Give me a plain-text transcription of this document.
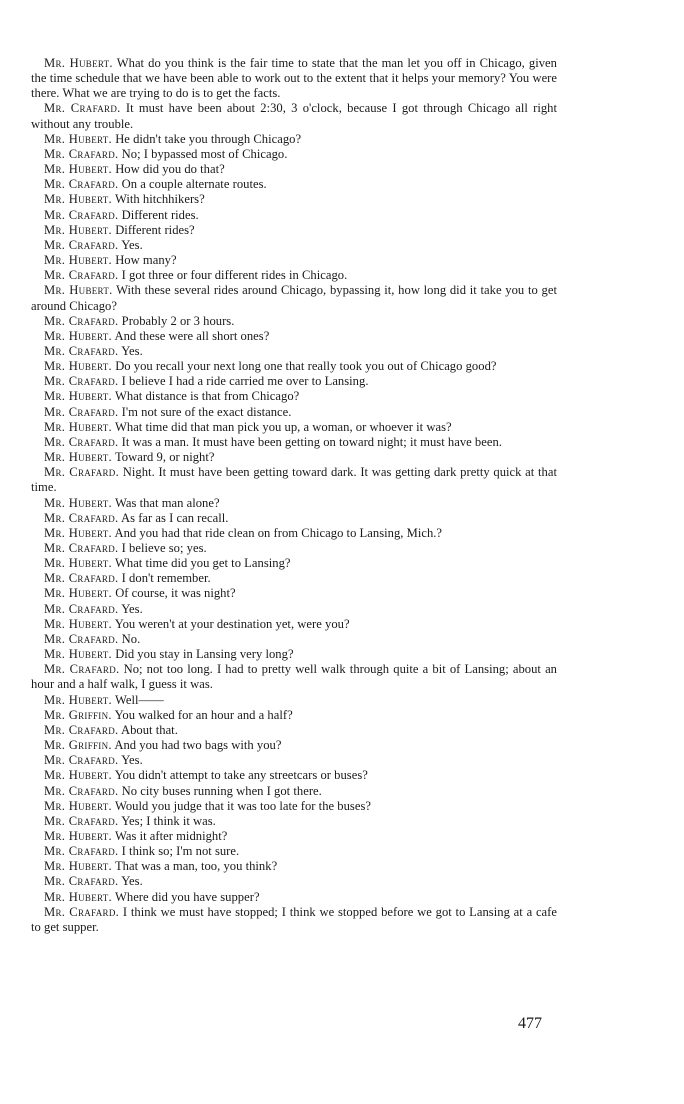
Mr. Hubert. What do you think is the fair time to state that the man let you off in Chicago, given the time schedule that we have been able to work out to the extent that it helps your memory? You were there. What we are trying to do is to get the facts.

Mr. Crafard. It must have been about 2:30, 3 o'clock, because I got through Chicago all right without any trouble.

Mr. Hubert. He didn't take you through Chicago?

Mr. Crafard. No; I bypassed most of Chicago.

Mr. Hubert. How did you do that?

Mr. Crafard. On a couple alternate routes.

Mr. Hubert. With hitchhikers?

Mr. Crafard. Different rides.

Mr. Hubert. Different rides?

Mr. Crafard. Yes.

Mr. Hubert. How many?

Mr. Crafard. I got three or four different rides in Chicago.

Mr. Hubert. With these several rides around Chicago, bypassing it, how long did it take you to get around Chicago?

Mr. Crafard. Probably 2 or 3 hours.

Mr. Hubert. And these were all short ones?

Mr. Crafard. Yes.

Mr. Hubert. Do you recall your next long one that really took you out of Chicago good?

Mr. Crafard. I believe I had a ride carried me over to Lansing.

Mr. Hubert. What distance is that from Chicago?

Mr. Crafard. I'm not sure of the exact distance.

Mr. Hubert. What time did that man pick you up, a woman, or whoever it was?

Mr. Crafard. It was a man. It must have been getting on toward night; it must have been.

Mr. Hubert. Toward 9, or night?

Mr. Crafard. Night. It must have been getting toward dark. It was getting dark pretty quick at that time.

Mr. Hubert. Was that man alone?

Mr. Crafard. As far as I can recall.

Mr. Hubert. And you had that ride clean on from Chicago to Lansing, Mich.?

Mr. Crafard. I believe so; yes.

Mr. Hubert. What time did you get to Lansing?

Mr. Crafard. I don't remember.

Mr. Hubert. Of course, it was night?

Mr. Crafard. Yes.

Mr. Hubert. You weren't at your destination yet, were you?

Mr. Crafard. No.

Mr. Hubert. Did you stay in Lansing very long?

Mr. Crafard. No; not too long. I had to pretty well walk through quite a bit of Lansing; about an hour and a half walk, I guess it was.

Mr. Hubert. Well——

Mr. Griffin. You walked for an hour and a half?

Mr. Crafard. About that.

Mr. Griffin. And you had two bags with you?

Mr. Crafard. Yes.

Mr. Hubert. You didn't attempt to take any streetcars or buses?

Mr. Crafard. No city buses running when I got there.

Mr. Hubert. Would you judge that it was too late for the buses?

Mr. Crafard. Yes; I think it was.

Mr. Hubert. Was it after midnight?

Mr. Crafard. I think so; I'm not sure.

Mr. Hubert. That was a man, too, you think?

Mr. Crafard. Yes.

Mr. Hubert. Where did you have supper?

Mr. Crafard. I think we must have stopped; I think we stopped before we got to Lansing at a cafe to get supper.

477
